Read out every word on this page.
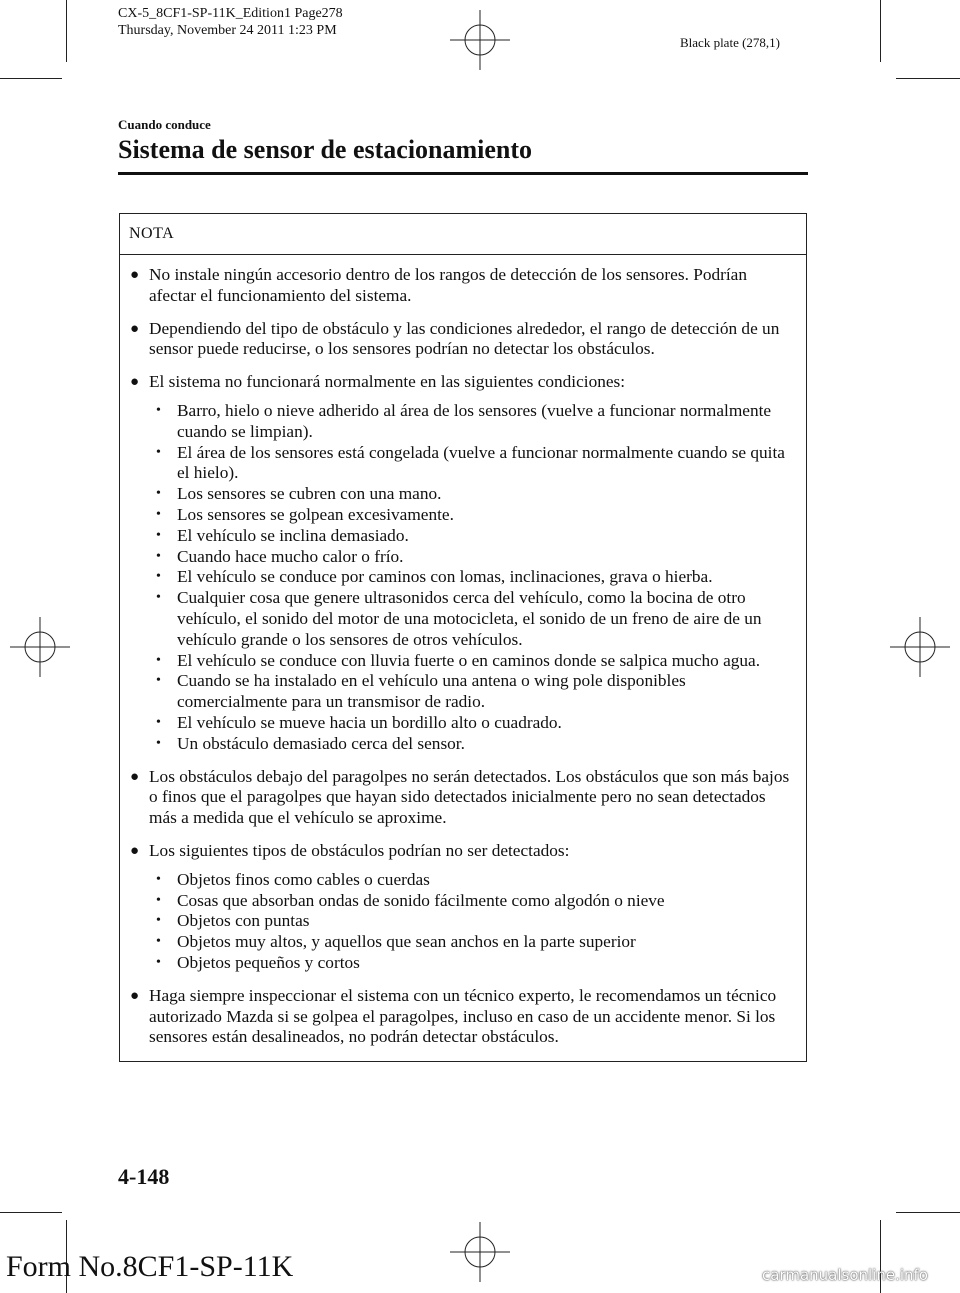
CX-5_8CF1-SP-11K_Edition1 Page278
Thursday, November 24 2011 1:23 PM
Black plate (278,1)
Cuando conduce
Sistema de sensor de estacionamiento
NOTA
● No instale ningún accesorio dentro de los rangos de detección de los sensores. Podrían afectar el funcionamiento del sistema.
● Dependiendo del tipo de obstáculo y las condiciones alrededor, el rango de detección de un sensor puede reducirse, o los sensores podrían no detectar los obstáculos.
● El sistema no funcionará normalmente en las siguientes condiciones:
• Barro, hielo o nieve adherido al área de los sensores (vuelve a funcionar normalmente cuando se limpian).
• El área de los sensores está congelada (vuelve a funcionar normalmente cuando se quita el hielo).
• Los sensores se cubren con una mano.
• Los sensores se golpean excesivamente.
• El vehículo se inclina demasiado.
• Cuando hace mucho calor o frío.
• El vehículo se conduce por caminos con lomas, inclinaciones, grava o hierba.
• Cualquier cosa que genere ultrasonidos cerca del vehículo, como la bocina de otro vehículo, el sonido del motor de una motocicleta, el sonido de un freno de aire de un vehículo grande o los sensores de otros vehículos.
• El vehículo se conduce con lluvia fuerte o en caminos donde se salpica mucho agua.
• Cuando se ha instalado en el vehículo una antena o wing pole disponibles comercialmente para un transmisor de radio.
• El vehículo se mueve hacia un bordillo alto o cuadrado.
• Un obstáculo demasiado cerca del sensor.
● Los obstáculos debajo del paragolpes no serán detectados. Los obstáculos que son más bajos o finos que el paragolpes que hayan sido detectados inicialmente pero no sean detectados más a medida que el vehículo se aproxime.
● Los siguientes tipos de obstáculos podrían no ser detectados:
• Objetos finos como cables o cuerdas
• Cosas que absorban ondas de sonido fácilmente como algodón o nieve
• Objetos con puntas
• Objetos muy altos, y aquellos que sean anchos en la parte superior
• Objetos pequeños y cortos
● Haga siempre inspeccionar el sistema con un técnico experto, le recomendamos un técnico autorizado Mazda si se golpea el paragolpes, incluso en caso de un accidente menor. Si los sensores están desalineados, no podrán detectar obstáculos.
4-148
Form No.8CF1-SP-11K	carmanualsonline.info
